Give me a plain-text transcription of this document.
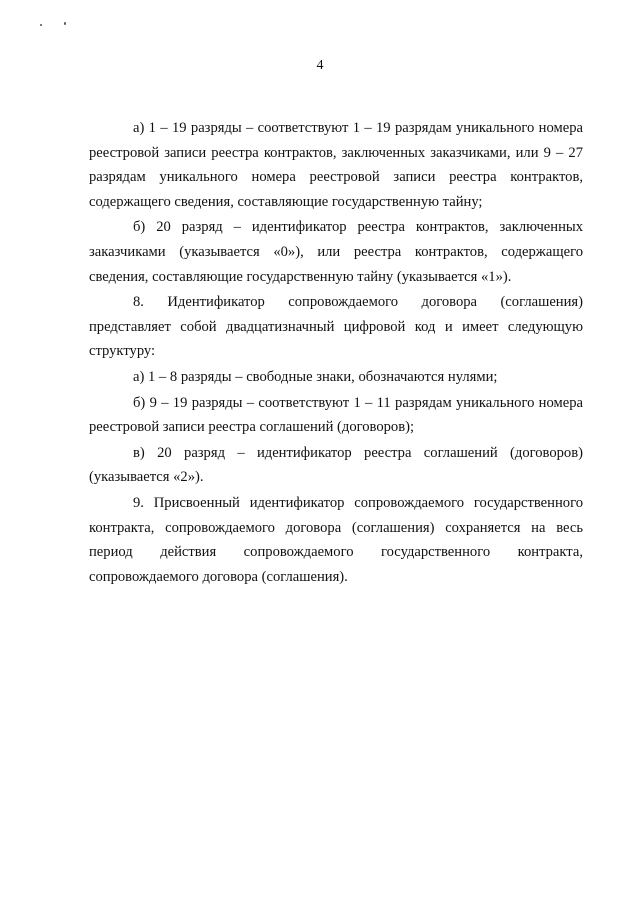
4

а) 1 – 19 разряды – соответствуют 1 – 19 разрядам уникального номера реестровой записи реестра контрактов, заключенных заказчиками, или 9 – 27 разрядам уникального номера реестровой записи реестра контрактов, содержащего сведения, составляющие государственную тайну;

б) 20 разряд – идентификатор реестра контрактов, заключенных заказчиками (указывается «0»), или реестра контрактов, содержащего сведения, составляющие государственную тайну (указывается «1»).

8. Идентификатор сопровождаемого договора (соглашения) представляет собой двадцатизначный цифровой код и имеет следующую структуру:

а) 1 – 8 разряды – свободные знаки, обозначаются нулями;

б) 9 – 19 разряды – соответствуют 1 – 11 разрядам уникального номера реестровой записи реестра соглашений (договоров);

в) 20 разряд – идентификатор реестра соглашений (договоров) (указывается «2»).

9. Присвоенный идентификатор сопровождаемого государственного контракта, сопровождаемого договора (соглашения) сохраняется на весь период действия сопровождаемого государственного контракта, сопровождаемого договора (соглашения).
